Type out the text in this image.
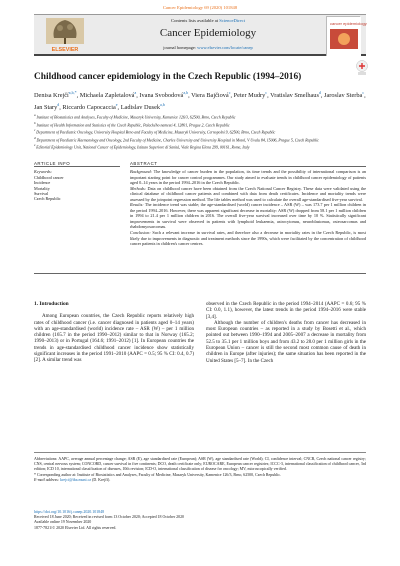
Cancer Epidemiology 69 (2020) 101848
ELSEVIER
Contents lists available at ScienceDirect
Cancer Epidemiology
journal homepage: www.elsevier.com/locate/canep
cancer epidemiology
Childhood cancer epidemiology in the Czech Republic (1994–2016)
Denisa Krejčí$^{a,b,*}$, Michaela Zapletalová$^a$, Ivana Svobodová$^{a,b}$, Viera Bajčiová$^c$, Peter Mudry$^c$, Vratislav Smelhaus$^d$, Jaroslav Sterba$^c$, Jan Stary$^d$, Riccardo Capocaccia$^e$, Ladislav Dusek$^{a,b}$
$^a$ Institute of Biostatistics and Analyses, Faculty of Medicine, Masaryk University, Kamenice 126/3, 62500, Brno, Czech Republic
$^b$ Institute of Health Information and Statistics of the Czech Republic, Palackého namesti 4, 12801, Prague 2, Czech Republic
$^c$ Department of Paediatric Oncology, University Hospital Brno and Faculty of Medicine, Masaryk University, Cernopolni 9, 62500, Brno, Czech Republic
$^d$ Department of Paediatric Haematology and Oncology, 2nd Faculty of Medicine, Charles University and University Hospital in Motol, V Uvalu 84, 15006, Prague 5, Czech Republic
$^e$ Editorial Epidemiology Unit, National Cancer of Epidemiology, Istituto Superiore di Sanità, Viale Regina Elena 299, 00161, Rome, Italy
ARTICLE INFO	ABSTRACT
Keywords:
Childhood cancer
Incidence
Mortality
Survival
Czech Republic

Background: The knowledge of cancer burden in the population, its time trends and the possibility of international comparison is an important starting point for cancer control programmes. Our study aimed to evaluate trends in childhood cancer epidemiology of patients aged 0–14 years in the period 1994–2016 in the Czech Republic.

Methods: Data on childhood cancer have been obtained from the Czech National Cancer Registry. These data were validated using the clinical database of childhood cancer patients and combined with data from death certificates. Incidence and mortality trends were assessed by the joinpoint regression method. The life tables method was used to calculate the overall age-standardised five-year survival.

Results: The incidence trend was stable; the age-standardised (world) cancer incidence – ASR (W) – was 173.7 per 1 million children in the period 1994–2016. However, there was apparent significant decrease in mortality: ASR (W) dropped from 58.1 per 1 million children in 1994 to 21.4 per 1 million children in 2016. The overall five-year survival increased over time by 10 %. Statistically significant improvements in survival were observed in patients with lymphoid leukaemia, astrocytomas, neuroblastomas, osteosarcomas and rhabdomyosarcomas.

Conclusion: Such a relevant increase in survival rates, and therefore also a decrease in mortality rates in the Czech Republic, is most likely due to improvements in diagnostic and treatment methods since the 1990s, which were facilitated by the concentration of childhood cancer patients in children's cancer centres.

1. Introduction

Among European countries, the Czech Republic reports relatively high rates of childhood cancer (i.e. cancer diagnosed in patients aged 0–14 years) with an age-standardised (world) incidence rate – ASR (W) – per 1 million children (165.7 in the period 1990–2012) similar to that in Norway (165.2; 1990–2013) or in Portugal (164.6; 1991–2012) [1]. In European countries the trends in age-standardised childhood cancer incidence show statistically significant increases in the period 1991–2010 (AAPC = 0.5; 95 % CI: 0.4, 0.7) [2]. A similar trend was

observed in the Czech Republic in the period 1994–2014 (AAPC = 0.6; 95 % CI: 0.0, 1.1), however, the latest trends in the period 1994–2016 were stable [3,4].

Although the number of children's deaths from cancer has decreased in most European countries – as reported in a study by Bosetti et al., which pointed out between 1990–1994 and 2005–2007 a decrease in mortality from 52.5 to 35.1 per 1 million boys and from 43.2 to 28.0 per 1 million girls in the European Union – cancer is still the second most common cause of death in children in Europe (after injuries); the same situation has been reported in the United States [5–7]. In the Czech

Abbreviations: AAPC, average annual percentage change; ASR (E), age standardised rate (European); ASR (W), age standardised rate (World); CI, confidence interval; CNCR, Czech national cancer registry; CNS, central nervous system; CONCORD, cancer survival in five continents; DCO, death certificate only; EUROCARE, European cancer registries; ICCC-3, international classification of childhood cancer, 3rd edition; ICD 10, international classification of diseases, 10th revision; ICD-O, international classification of disease for oncology; MV, microscopically verified.

* Corresponding author at: Institute of Biostatistics and Analyses, Faculty of Medicine, Masaryk University, Kamenice 126/3, Brno, 62500, Czech Republic.

E-mail address: krejci@iba.muni.cz (D. Krejčí).

https://doi.org/10.1016/j.canep.2020.101848
Received 18 June 2020; Received in revised form 13 October 2020; Accepted 18 October 2020
Available online 19 November 2020
1877-7821/© 2020 Elsevier Ltd. All rights reserved.
